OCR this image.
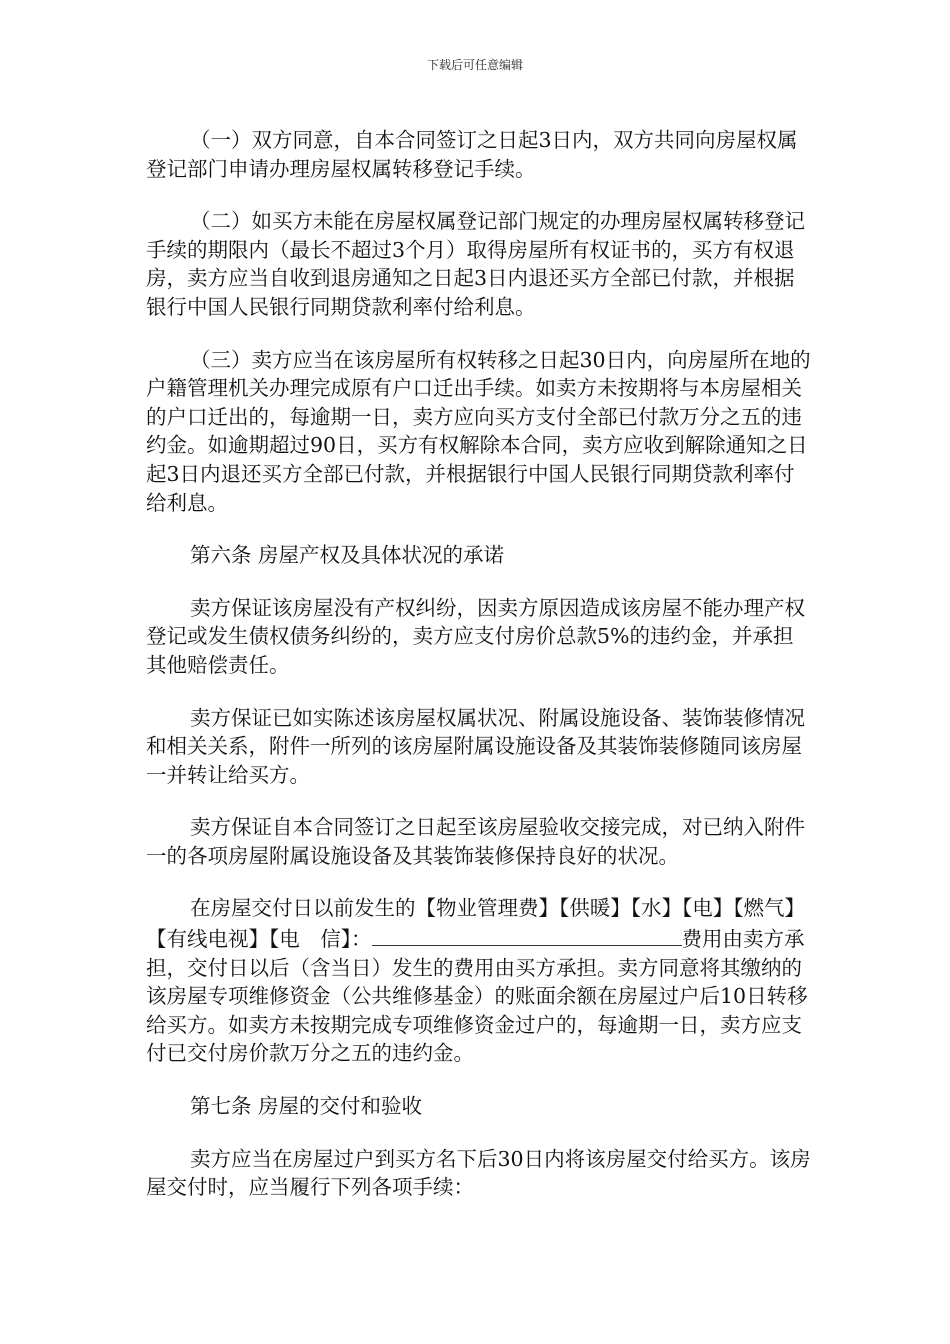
下载后可任意编辑

（一）双方同意，自本合同签订之日起3日内，双方共同向房屋权属登记部门申请办理房屋权属转移登记手续。

（二）如买方未能在房屋权属登记部门规定的办理房屋权属转移登记手续的期限内（最长不超过3个月）取得房屋所有权证书的，买方有权退房，卖方应当自收到退房通知之日起3日内退还买方全部已付款，并根据银行中国人民银行同期贷款利率付给利息。

（三）卖方应当在该房屋所有权转移之日起30日内，向房屋所在地的户籍管理机关办理完成原有户口迁出手续。如卖方未按期将与本房屋相关的户口迁出的，每逾期一日，卖方应向买方支付全部已付款万分之五的违约金。如逾期超过90日，买方有权解除本合同，卖方应收到解除通知之日起3日内退还买方全部已付款，并根据银行中国人民银行同期贷款利率付给利息。

第六条 房屋产权及具体状况的承诺

卖方保证该房屋没有产权纠纷，因卖方原因造成该房屋不能办理产权登记或发生债权债务纠纷的，卖方应支付房价总款5%的违约金，并承担其他赔偿责任。

卖方保证已如实陈述该房屋权属状况、附属设施设备、装饰装修情况和相关关系，附件一所列的该房屋附属设施设备及其装饰装修随同该房屋一并转让给买方。

卖方保证自本合同签订之日起至该房屋验收交接完成，对已纳入附件一的各项房屋附属设施设备及其装饰装修保持良好的状况。

在房屋交付日以前发生的【物业管理费】【供暖】【水】【电】【燃气】【有线电视】【电　信】：	费用由卖方承担，交付日以后（含当日）发生的费用由买方承担。卖方同意将其缴纳的该房屋专项维修资金（公共维修基金）的账面余额在房屋过户后10日转移给买方。如卖方未按期完成专项维修资金过户的，每逾期一日，卖方应支付已交付房价款万分之五的违约金。

第七条 房屋的交付和验收

卖方应当在房屋过户到买方名下后30日内将该房屋交付给买方。该房屋交付时，应当履行下列各项手续：
